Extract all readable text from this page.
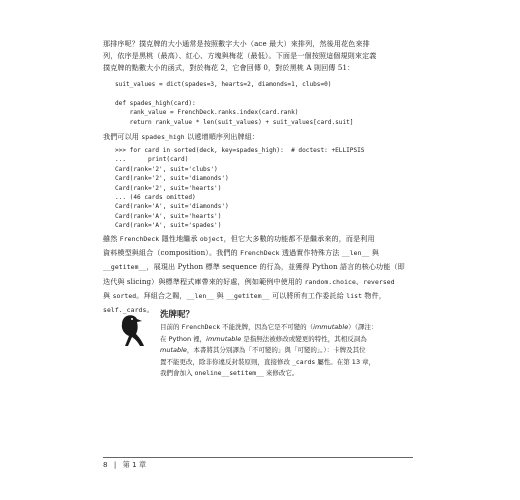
那排序呢？撲克牌的大小通常是按照數字大小（ace 最大）來排列，然後用花色來排
列，依序是黑桃（最高）、紅心、方塊與梅花（最低）。下面是一個按照這個規則來定義
撲克牌的點數大小的函式，對於梅花 2，它會回傳 0，對於黑桃 A 則回傳 51：
suit_values = dict(spades=3, hearts=2, diamonds=1, clubs=0)
def spades_high(card):
rank_value = FrenchDeck.ranks.index(card.rank)
return rank_value * len(suit_values) + suit_values[card.suit]
我們可以用 spades_high 以遞增順序列出牌組：
>>> for card in sorted(deck, key=spades_high):  # doctest: +ELLIPSIS
...      print(card)
Card(rank='2', suit='clubs')
Card(rank='2', suit='diamonds')
Card(rank='2', suit='hearts')
... (46 cards omitted)
Card(rank='A', suit='diamonds')
Card(rank='A', suit='hearts')
Card(rank='A', suit='spades')
雖然 FrenchDeck 隱性地繼承 object，但它大多數的功能都不是繼承來的，而是利用
資料模型與組合（composition）。我們的 FrenchDeck 透過實作特殊方法 __len__ 與
__getitem__，展現出 Python 標準 sequence 的行為，並獲得 Python 語言的核心功能（即
迭代與 slicing）與標準程式庫帶來的好處，例如範例中使用的 random.choice、reversed
與 sorted。拜組合之賜，__len__ 與 __getitem__ 可以將所有工作委託給 list 物件，
self._cards。
洗牌呢？
目前的 FrenchDeck 不能洗牌，因為它是不可變的（immutable）（譯注：
在 Python 裡，immutable 是指無法被修改或變更的特性，其相反詞為
mutable，本書將其分別譯為「不可變的」與「可變的」。）：卡牌及其位
置不能更改，除非你違反封裝原則，直接修改 _cards 屬性。在第 13 章，
我們會加入 oneline__setitem__ 來修改它。
8 | 第 1 章
